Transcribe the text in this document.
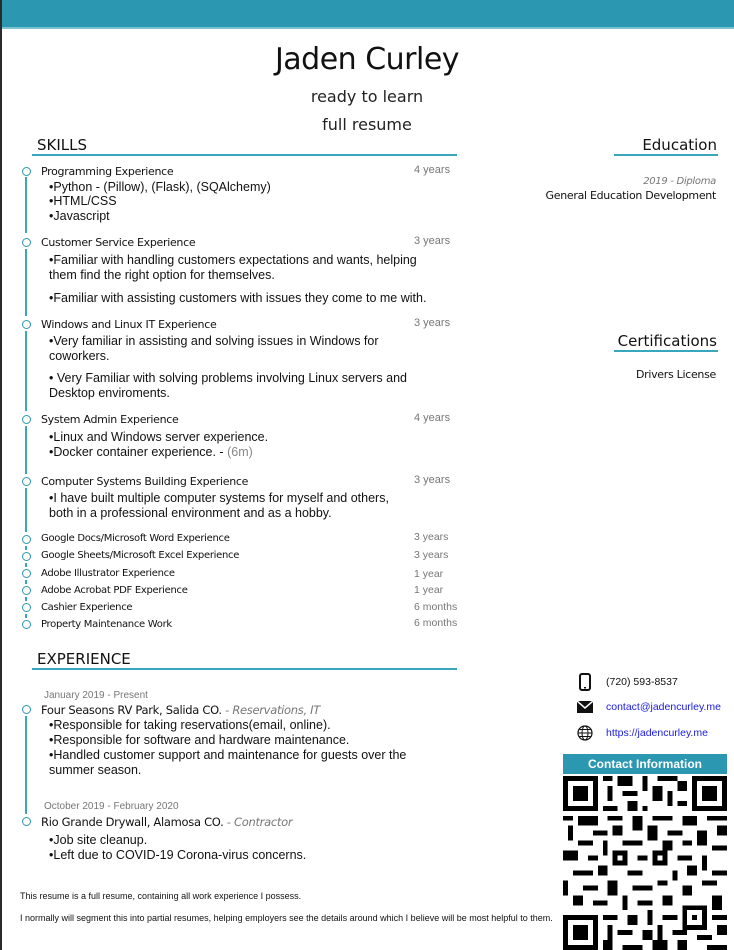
Jaden Curley
ready to learn
full resume
SKILLS
Programming Experience	4 years
•Python - (Pillow), (Flask), (SQAlchemy)
•HTML/CSS
•Javascript
Customer Service Experience	3 years
•Familiar with handling customers expectations and wants, helping them find the right option for themselves.
•Familiar with assisting customers with issues they come to me with.
Windows and Linux IT Experience	3 years
•Very familiar in assisting and solving issues in Windows for coworkers.
• Very Familiar with solving problems involving Linux servers and Desktop enviroments.
System Admin Experience	4 years
•Linux and Windows server experience.
•Docker container experience. - (6m)
Computer Systems Building Experience	3 years
•I have built multiple computer systems for myself and others, both in a professional environment and as a hobby.
Google Docs/Microsoft Word Experience	3 years
Google Sheets/Microsoft Excel Experience	3 years
Adobe Illustrator Experience	1 year
Adobe Acrobat PDF Experience	1 year
Cashier Experience	6 months
Property Maintenance Work	6 months
EXPERIENCE
January 2019 - Present
Four Seasons RV Park, Salida CO. - Reservations, IT
•Responsible for taking reservations(email, online).
•Responsible for software and hardware maintenance.
•Handled customer support and maintenance for guests over the summer season.
October 2019 - February 2020
Rio Grande Drywall, Alamosa CO. - Contractor
•Job site cleanup.
•Left due to COVID-19 Corona-virus concerns.
Education
2019 - Diploma
General Education Development
Certifications
Drivers License
(720) 593-8537
contact@jadencurley.me
https://jadencurley.me
Contact Information
This resume is a full resume, containing all work experience I possess.
I normally will segment this into partial resumes, helping employers see the details around which I believe will be most helpful to them.
